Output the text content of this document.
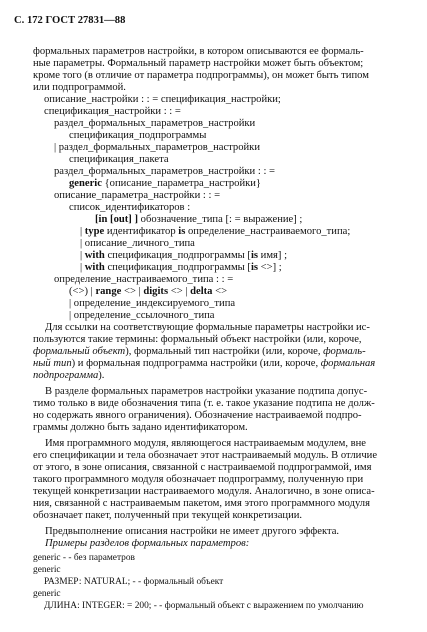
С. 172 ГОСТ 27831—88
формальных параметров настройки, в котором описываются ее формаль-
ные параметры. Формальный параметр настройки может быть объектом;
кроме того (в отличие от параметра подпрограммы), он может быть типом
или подпрограммой.
описание_настройки : : = спецификация_настройки;
спецификация_настройки : : =
раздел_формальных_параметров_настройки
спецификация_подпрограммы
| раздел_формальных_параметров_настройки
спецификация_пакета
раздел_формальных_параметров_настройки : : =
generic {описание_параметра_настройки}
описание_параметра_настройки : : =
список_идентификаторов :
[in [out] ] обозначение_типа [: = выражение] ;
| type идентификатор is определение_настраиваемого_типа;
| описание_личного_типа
| with спецификация_подпрограммы [is имя] ;
| with спецификация_подпрограммы [is <>] ;
определение_настраиваемого_типа : : =
(<>) | range <> | digits <> | delta <>
| определение_индексируемого_типа
| определение_ссылочного_типа
Для ссылки на соответствующие формальные параметры настройки ис-
пользуются такие термины: формальный объект настройки (или, короче,
формальный объект), формальный тип настройки (или, короче, формаль-
ный тип) и формальная подпрограмма настройки (или, короче, формальная
подпрограмма).
В разделе формальных параметров настройки указание подтипа допус-
тимо только в виде обозначения типа (т. е. такое указание подтипа не долж-
но содержать явного ограничения). Обозначение настраиваемой подпро-
граммы должно быть задано идентификатором.
Имя программного модуля, являющегося настраиваемым модулем, вне
его спецификации и тела обозначает этот настраиваемый модуль. В отличие
от этого, в зоне описания, связанной с настраиваемой подпрограммой, имя
такого программного модуля обозначает подпрограмму, полученную при
текущей конкретизации настраиваемого модуля. Аналогично, в зоне описа-
ния, связанной с настраиваемым пакетом, имя этого программного модуля
обозначает пакет, полученный при текущей конкретизации.
Предвыполнение описания настройки не имеет другого эффекта.
Примеры разделов формальных параметров:
generic - - без параметров
generic
РАЗМЕР: NATURAL; - - формальный объект
generic
ДЛИНА: INTEGER: = 200; - - формальный объект с выражением по умолчанию
